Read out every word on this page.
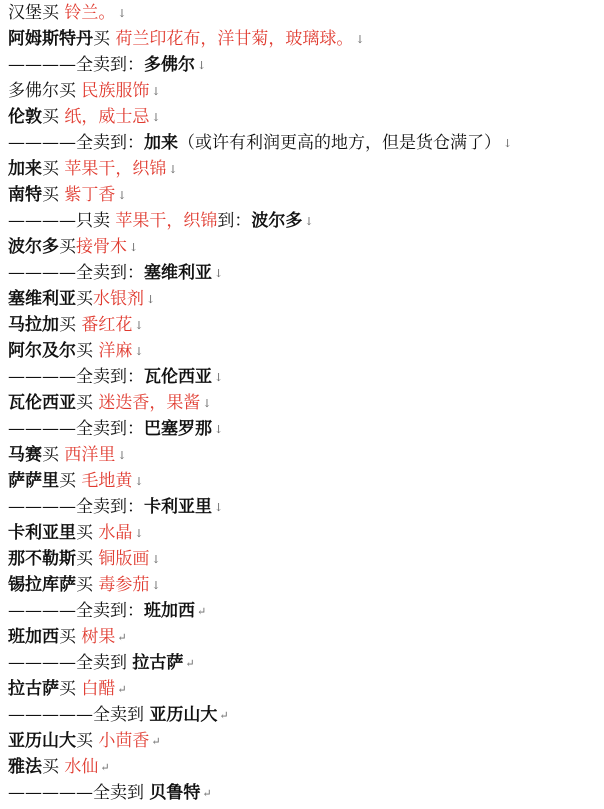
汉堡买 铃兰。 ↓
阿姆斯特丹买 荷兰印花布，洋甘菊，玻璃球。 ↓
————全卖到：多佛尔 ↓
多佛尔买 民族服饰 ↓
伦敦买 纸，威士忌 ↓
————全卖到：加来（或许有利润更高的地方，但是货仓满了） ↓
加来买 苹果干，织锦 ↓
南特买 紫丁香 ↓
————只卖 苹果干，织锦到：波尔多 ↓
波尔多买接骨木 ↓
————全卖到：塞维利亚 ↓
塞维利亚买水银剂 ↓
马拉加买 番红花 ↓
阿尔及尔买 洋麻 ↓
————全卖到：瓦伦西亚 ↓
瓦伦西亚买 迷迭香，果酱 ↓
————全卖到：巴塞罗那 ↓
马赛买 西洋里 ↓
萨萨里买 毛地黄 ↓
————全卖到：卡利亚里 ↓
卡利亚里买 水晶 ↓
那不勒斯买 铜版画 ↓
锡拉库萨买 毒参茄 ↓
————全卖到：班加西 ↵
班加西买 树果 ↵
————全卖到 拉古萨 ↵
拉古萨买 白醋 ↵
—————全卖到 亚历山大 ↵
亚历山大买 小茴香 ↵
雅法买 水仙 ↵
—————全卖到 贝鲁特 ↵
